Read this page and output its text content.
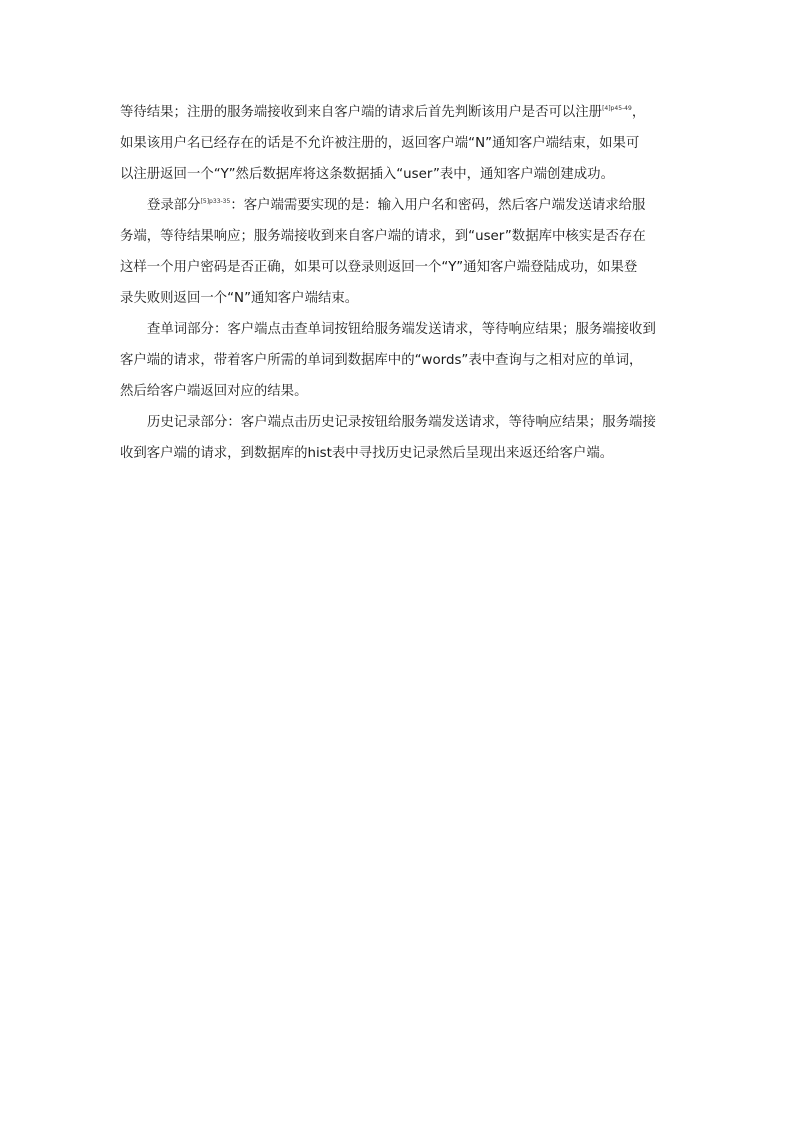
等待结果；注册的服务端接收到来自客户端的请求后首先判断该用户是否可以注册$^{[4]p45-49}$，
如果该用户名已经存在的话是不允许被注册的，返回客户端“N”通知客户端结束，如果可
以注册返回一个“Y”然后数据库将这条数据插入“user”表中，通知客户端创建成功。
登录部分$^{[5]p33-35}$：客户端需要实现的是：输入用户名和密码，然后客户端发送请求给服
务端，等待结果响应；服务端接收到来自客户端的请求，到“user”数据库中核实是否存在
这样一个用户密码是否正确，如果可以登录则返回一个“Y”通知客户端登陆成功，如果登
录失败则返回一个“N”通知客户端结束。
查单词部分：客户端点击查单词按钮给服务端发送请求，等待响应结果；服务端接收到
客户端的请求，带着客户所需的单词到数据库中的“words”表中查询与之相对应的单词，
然后给客户端返回对应的结果。
历史记录部分：客户端点击历史记录按钮给服务端发送请求，等待响应结果；服务端接
收到客户端的请求，到数据库的hist表中寻找历史记录然后呈现出来返还给客户端。
